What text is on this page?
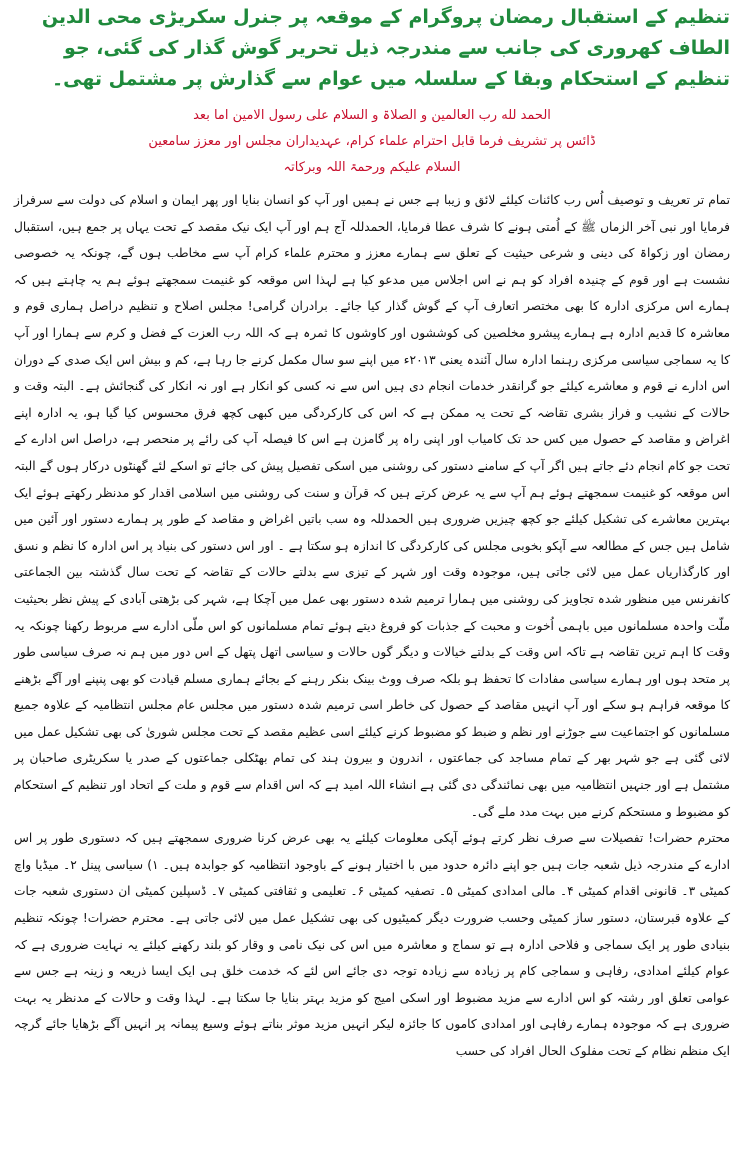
تنظیم کے استقبال رمضان پروگرام کے موقعہ پر جنرل سکریڑی محی الدین الطاف کھروری کی جانب سے مندرجہ ذیل تحریر گوش گذار کی گئی، جو تنظیم کے استحکام وبقا کے سلسلہ میں عوام سے گذارش پر مشتمل تھی۔
الحمد لله رب العالمین و الصلاۃ و السلام علی رسول الامین اما بعد
ڈائس پر تشریف فرما قابل احترام علماء کرام، عہدیداران مجلس اور معزز سامعین
السلام علیکم ورحمۃ اللہ وبرکاتہ

تمام تر تعریف و توصیف اُس رب کائنات کیلئے لائق و زیبا ہے جس نے ہمیں اور آپ کو انسان بنایا اور پھر ایمان و اسلام کی دولت سے سرفراز فرمایا اور نبی آخر الزماں ﷺ کے اُمتی ہونے کا شرف عطا فرمایا، الحمدللہ آج ہم اور آپ ایک نیک مقصد کے تحت یہاں پر جمع ہیں، استقبال رمضان اور زکواۃ کی دینی و شرعی حیثیت کے تعلق سے ہمارے معزز و محترم علماء کرام آپ سے مخاطب ہوں گے، چونکہ یہ خصوصی نشست ہے اور قوم کے چنیدہ افراد کو ہم نے اس اجلاس میں مدعو کیا ہے لہذا اس موقعہ کو غنیمت سمجھتے ہوئے ہم یہ چاہتے ہیں کہ ہمارے اس مرکزی ادارہ کا بھی مختصر اتعارف آپ کے گوش گذار کیا جائے۔ برادران گرامی! مجلس اصلاح و تنظیم دراصل ہماری قوم و معاشرہ کا قدیم ادارہ ہے ہمارے پیشرو مخلصین کی کوششوں اور کاوشوں کا ثمرہ ہے کہ اللہ رب العزت کے فضل و کرم سے ہمارا اور آپ کا یہ سماجی سیاسی مرکزی رہنما ادارہ سال آئندہ یعنی ۲۰۱۳ء میں اپنے سو سال مکمل کرنے جا رہا ہے، کم و بیش اس ایک صدی کے دوران اس ادارے نے قوم و معاشرے کیلئے جو گرانقدر خدمات انجام دی ہیں اس سے نہ کسی کو انکار ہے اور نہ انکار کی گنجائش ہے۔ البتہ وقت و حالات کے نشیب و فراز بشری تقاضہ کے تحت یہ ممکن ہے کہ اس کی کارکردگی میں کبھی کچھ فرق محسوس کیا گیا ہو، یہ ادارہ اپنے اغراض و مقاصد کے حصول میں کس حد تک کامیاب اور اپنی راہ پر گامزن ہے اس کا فیصلہ آپ کی رائے پر منحصر ہے، دراصل اس ادارے کے تحت جو کام انجام دئے جاتے ہیں اگر آپ کے سامنے دستور کی روشنی میں اسکی تفصیل پیش کی جائے تو اسکے لئے گھنٹوں درکار ہوں گے البتہ اس موقعہ کو غنیمت سمجھتے ہوئے ہم آپ سے یہ عرض کرتے ہیں کہ قرآن و سنت کی روشنی میں اسلامی اقدار کو مدنظر رکھتے ہوئے ایک بہترین معاشرے کی تشکیل کیلئے جو کچھ چیزیں ضروری ہیں الحمدللہ وہ سب باتیں اغراض و مقاصد کے طور پر ہمارے دستور اور آئین میں شامل ہیں جس کے مطالعہ سے آپکو بخوبی مجلس کی کارکردگی کا اندازہ ہو سکتا ہے ۔ اور اس دستور کی بنیاد پر اس ادارہ کا نظم و نسق اور کارگذاریاں عمل میں لائی جاتی ہیں، موجودہ وقت اور شہر کے تیزی سے بدلتے حالات کے تقاضہ کے تحت سال گذشتہ بین الجماعتی کانفرنس میں منظور شدہ تجاویز کی روشنی میں ہمارا ترمیم شدہ دستور بھی عمل میں آچکا ہے، شہر کی بڑھتی آبادی کے پیش نظر بحیثیت ملّت واحدہ مسلمانوں میں باہمی اُخوت و محبت کے جذبات کو فروغ دیتے ہوئے تمام مسلمانوں کو اس ملّی ادارے سے مربوط رکھنا چونکہ یہ وقت کا اہم ترین تقاضہ ہے تاکہ اس وقت کے بدلتے خیالات و دیگر گوں حالات و سیاسی اتھل پتھل کے اس دور میں ہم نہ صرف سیاسی طور پر متحد ہوں اور ہمارے سیاسی مفادات کا تحفظ ہو بلکہ صرف ووٹ بینک بنکر رہنے کے بجائے ہماری مسلم قیادت کو بھی پنپنے اور آگے بڑھنے کا موقعہ فراہم ہو سکے اور آپ انہیں مقاصد کے حصول کی خاطر اسی ترمیم شدہ دستور میں مجلس عام مجلس انتظامیہ کے علاوہ جمیع مسلمانوں کو اجتماعیت سے جوڑنے اور نظم و ضبط کو مضبوط کرنے کیلئے اسی عظیم مقصد کے تحت مجلس شوریٰ کی بھی تشکیل عمل میں لائی گئی ہے جو شہر بھر کے تمام مساجد کی جماعتوں ، اندرون و بیرون ہند کی تمام بھٹکلی جماعتوں کے صدر یا سکریٹری صاحبان پر مشتمل ہے اور جنہیں انتظامیہ میں بھی نمائندگی دی گئی ہے انشاء اللہ امید ہے کہ اس اقدام سے قوم و ملت کے اتحاد اور تنظیم کے استحکام کو مضبوط و مستحکم کرنے میں بہت مدد ملے گی۔

محترم حضرات! تفصیلات سے صرف نظر کرتے ہوئے آپکی معلومات کیلئے یہ بھی عرض کرنا ضروری سمجھتے ہیں کہ دستوری طور پر اس ادارے کے مندرجہ ذیل شعبہ جات ہیں جو اپنے دائرہ حدود میں با اختیار ہونے کے باوجود انتظامیہ کو جوابدہ ہیں۔ ۱) سیاسی پینل ۲۔ میڈیا واچ کمیٹی ۳۔ قانونی اقدام کمیٹی ۴۔ مالی امدادی کمیٹی ۵۔ تصفیہ کمیٹی ۶۔ تعلیمی و ثقافتی کمیٹی ۷۔ ڈسپلین کمیٹی ان دستوری شعبہ جات کے علاوہ قبرستان، دستور ساز کمیٹی وحسب ضرورت دیگر کمیٹیوں کی بھی تشکیل عمل میں لائی جاتی ہے۔ محترم حضرات! چونکہ تنظیم بنیادی طور پر ایک سماجی و فلاحی ادارہ ہے تو سماج و معاشرہ میں اس کی نیک نامی و وقار کو بلند رکھنے کیلئے یہ نہایت ضروری ہے کہ عوام کیلئے امدادی، رفاہی و سماجی کام پر زیادہ سے زیادہ توجہ دی جائے اس لئے کہ خدمت خلق ہی ایک ایسا ذریعہ و زینہ ہے جس سے عوامی تعلق اور رشتہ کو اس ادارے سے مزید مضبوط اور اسکی امیج کو مزید بہتر بنایا جا سکتا ہے۔ لہذا وقت و حالات کے مدنظر یہ بہت ضروری ہے کہ موجودہ ہمارے رفاہی اور امدادی کاموں کا جائزہ لیکر انہیں مزید موثر بناتے ہوئے وسیع پیمانہ پر انہیں آگے بڑھایا جائے گرچہ ایک منظم نظام کے تحت مفلوک الحال افراد کی حسب
